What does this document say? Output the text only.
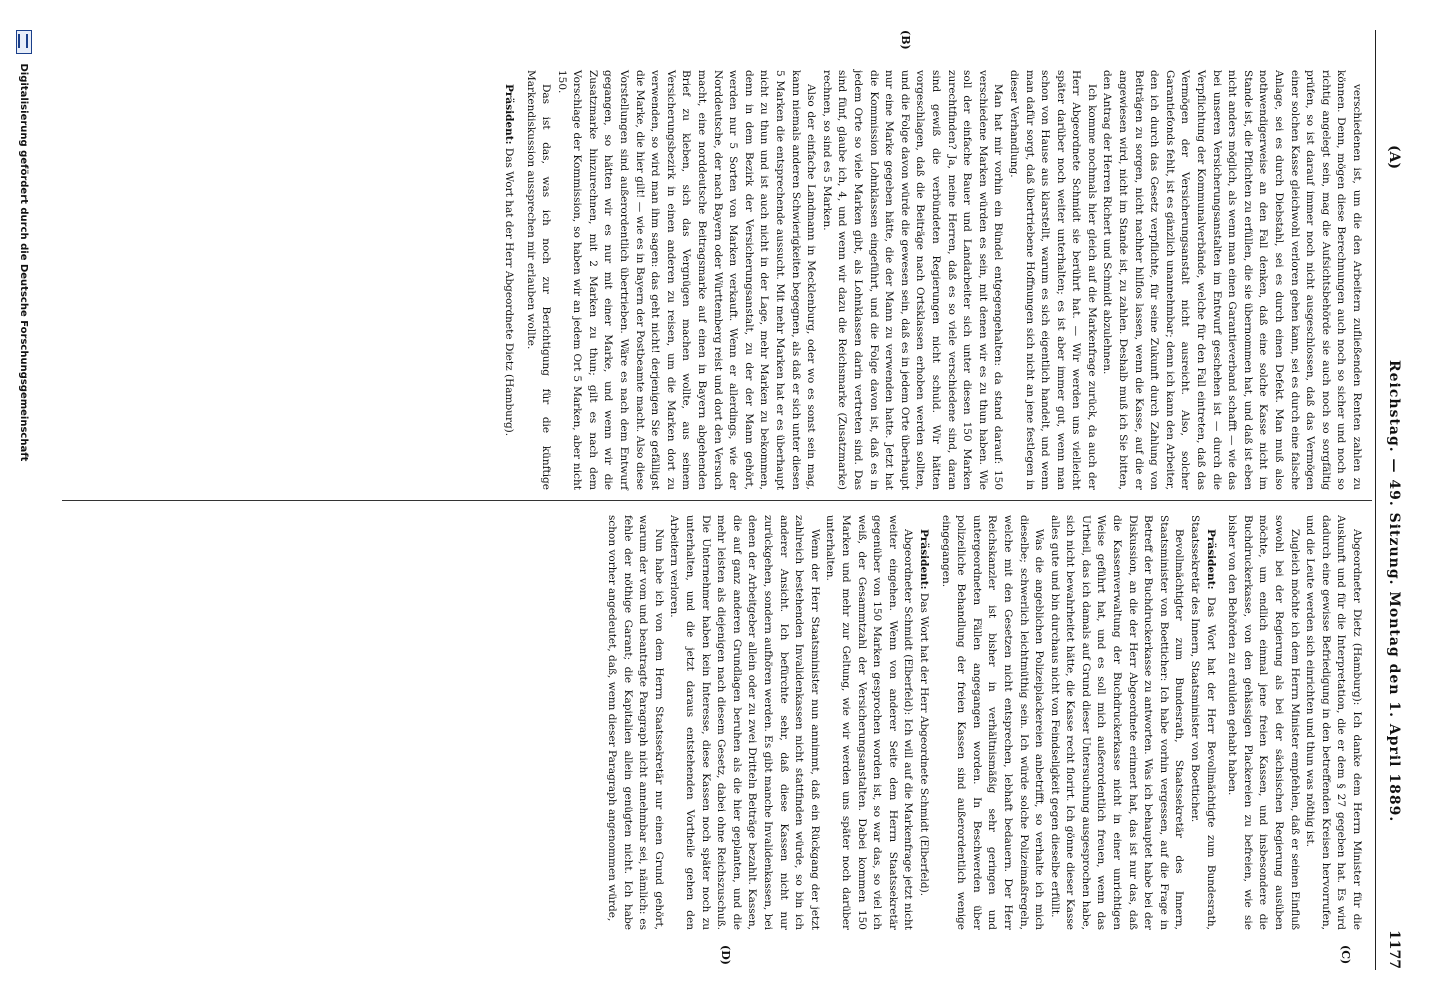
(A)
Reichstag. — 49. Sitzung. Montag den 1. April 1889.
1177
(B)
(C)
(D)

verschiedenen ist, um die den Arbeitern zufließenden Renten zahlen zu können. Denn, mögen diese Berechnungen auch noch so sicher und noch so richtig angelegt sein, mag die Aufsichtsbehörde sie auch noch so sorgfältig prüfen, so ist darauf immer noch nicht ausgeschlossen, daß das Vermögen einer solchen Kasse gleichwohl verloren gehen kann, sei es durch eine falsche Anlage, sei es durch Diebstahl, sei es durch einen Defekt. Man muß also nothwendigerweise an den Fall denken, daß eine solche Kasse nicht im Stande ist, die Pflichten zu erfüllen, die sie übernommen hat, und daß ist eben nicht anders möglich, als wenn man einen Garantieverband schafft — wie das bei unseren Versicherungsanstalten im Entwurf geschehen ist — durch die Verpflichtung der Kommunalverbände, welche für den Fall eintreten, daß das Vermögen der Versicherungsanstalt nicht ausreicht. Also, solcher Garantiefonds fehlt, ist es gänzlich unannehmbar; denn ich kann den Arbeiter, den ich durch das Gesetz verpflichte, für seine Zukunft durch Zahlung von Beiträgen zu sorgen, nicht nachher hilflos lassen, wenn die Kasse, auf die er angewiesen wird, nicht im Stande ist, zu zahlen. Deshalb muß ich Sie bitten, den Antrag der Herren Richert und Schmidt abzulehnen.

Ich komme nochmals hier gleich auf die Markenfrage zurück, da auch der Herr Abgeordnete Schmidt sie berührt hat. — Wir werden uns vielleicht später darüber noch weiter unterhalten; es ist aber immer gut, wenn man schon von Hause aus klarstellt, warum es sich eigentlich handelt, und wenn man dafür sorgt, daß übertriebene Hoffnungen sich nicht an jene festlegen in dieser Verhandlung.

Man hat mir vorhin ein Bündel entgegengehalten: da stand darauf: 150 verschiedene Marken würden es sein, mit denen wir es zu thun haben. Wie soll der einfache Bauer und Landarbeiter sich unter diesen 150 Marken zurechtfinden? Ja, meine Herren, daß es so viele verschiedene sind, daran sind gewiß die verbündeten Regierungen nicht schuld. Wir hätten vorgeschlagen, daß die Beiträge nach Ortsklassen erhoben werden sollten, und die Folge davon würde die gewesen sein, daß es in jedem Orte überhaupt nur eine Marke gegeben hätte, die der Mann zu verwenden hatte. Jetzt hat die Kommission Lohnklassen eingeführt, und die Folge davon ist, daß es in jedem Orte so viele Marken gibt, als Lohnklassen darin vertreten sind. Das sind fünf, glaube ich, 4, und wenn wir dazu die Reichsmarke (Zusatzmarke) rechnen, so sind es 5 Marken.

Also der einfache Landmann in Mecklenburg, oder wo es sonst sein mag, kann niemals anderen Schwierigkeiten begegnen, als daß er sich unter diesen 5 Marken die entsprechende aussucht. Mit mehr Marken hat er es überhaupt nicht zu thun und ist auch nicht in der Lage, mehr Marken zu bekommen, denn in dem Bezirk der Versicherungsanstalt, zu der der Mann gehört, werden nur 5 Sorten von Marken verkauft. Wenn er allerdings, wie der Norddeutsche, der nach Bayern oder Württemberg reist und dort den Versuch macht, eine norddeutsche Beitragsmarke auf einen in Bayern abgehenden Brief zu kleben, sich das Vergnügen machen wollte, aus seinem Versicherungsbezirk in einen anderen zu reisen, um die Marken dort zu verwenden, so wird man ihm sagen: das geht nicht! derjenigen Sie gefälligst die Marke, die hier gilt! — wie es in Bayern der Postbeamte macht. Also diese Vorstellungen sind außerordentlich übertrieben. Wäre es nach dem Entwurf gegangen, so hätten wir es nur mit einer Marke, und wenn wir die Zusatzmarke hinzurechnen, mit 2 Marken zu thun; gilt es nach dem Vorschlage der Kommission, so haben wir an jedem Ort 5 Marken, aber nicht 150.

Das ist das, was ich noch zur Berichtigung für die künftige Markendiskussion aussprechen mir erlauben wollte.

Präsident: Das Wort hat der Herr Abgeordnete Dietz (Hamburg).

Abgeordneter Dietz (Hamburg): Ich danke dem Herrn Minister für die Auskunft und für die Interpretation, die er dem § 27 gegeben hat. Es wird dadurch eine gewisse Befriedigung in den betreffenden Kreisen hervorrufen, und die Leute werden sich einrichten und thun was nöthig ist.

Zugleich möchte ich dem Herrn Minister empfehlen, daß er seinen Einfluß sowohl bei der Regierung als bei der sächsischen Regierung ausüben möchte, um endlich einmal jene freien Kassen, und insbesondere die Buchdruckerkasse, von den gehässigen Plackereien zu befreien, wie sie bisher von den Behörden zu erdulden gehabt haben.

Präsident: Das Wort hat der Herr Bevollmächtigte zum Bundesrath, Staatssekretär des Innern, Staatsminister von Boetticher.

Bevollmächtigter zum Bundesrath, Staatssekretär des Innern, Staatsminister von Boetticher: Ich habe vorhin vergessen, auf die Frage in Betreff der Buchdruckerkasse zu antworten. Was ich behauptet habe bei der Diskussion, an die der Herr Abgeordnete erinnert hat, das ist nur das, daß die Kassenverwaltung der Buchdruckerkasse nicht in einer unrichtigen Weise geführt hat, und es soll mich außerordentlich freuen, wenn das Urtheil, das ich damals auf Grund dieser Untersuchung ausgesprochen habe, sich nicht bewahrheitet hätte, die Kasse recht florirt. Ich gönne dieser Kasse alles gute und bin durchaus nicht von Feindseligkeit gegen dieselbe erfüllt.

Was die angeblichen Polizeiplackereien anbetrifft, so verhalte ich mich dieselbe; schwerlich leichtmüthig sein. Ich würde solche Polizeimaßregeln, welche mit den Gesetzen nicht entsprechen, lebhaft bedauern. Der Herr Reichskanzler ist bisher in verhältnismäßig sehr geringen und untergeordneten Fällen angegangen worden. In Beschwerden über polizeiliche Behandlung der freien Kassen sind außerordentlich wenige eingegangen.

Präsident: Das Wort hat der Herr Abgeordnete Schmidt (Elberfeld).

Abgeordneter Schmidt (Elberfeld): Ich will auf die Markenfrage jetzt nicht weiter eingehen. Wenn von anderer Seite dem Herrn Staatssekretär gegenüber von 150 Marken gesprochen worden ist, so war das, so viel ich weiß, der Gesammtzahl der Versicherungsanstalten. Dabei kommen 150 Marken und mehr zur Geltung, wie wir werden uns später noch darüber unterhalten.

Wenn der Herr Staatsminister nun annimmt, daß ein Rückgang der jetzt zahlreich bestehenden Invalidenkassen nicht stattfinden würde, so bin ich anderer Ansicht. Ich befürchte sehr, daß diese Kassen nicht nur zurückgehen, sondern aufhören werden. Es gibt manche Invalidenkassen, bei denen der Arbeitgeber allein oder zu zwei Dritteln Beiträge bezahlt. Kassen, die auf ganz anderen Grundlagen beruhen als die hier geplanten, und die mehr leisten als diejenigen nach diesem Gesetz, dabei ohne Reichszuschuß. Die Unternehmer haben kein Interesse, diese Kassen noch später noch zu unterhalten, und die jetzt daraus entstehenden Vortheile gehen den Arbeitern verloren.

Nun habe ich von dem Herrn Staatssekretär nur einen Grund gehört, warum der vom und beantragte Paragraph nicht annehmbar sei, nämlich: es fehle der nöthige Garant; die Kapitalien allein genügten nicht. Ich habe schon vorher angedeutet, daß, wenn dieser Paragraph angenommen würde,

Digitalisierung gefördert durch die Deutsche Forschungsgemeinschaft
